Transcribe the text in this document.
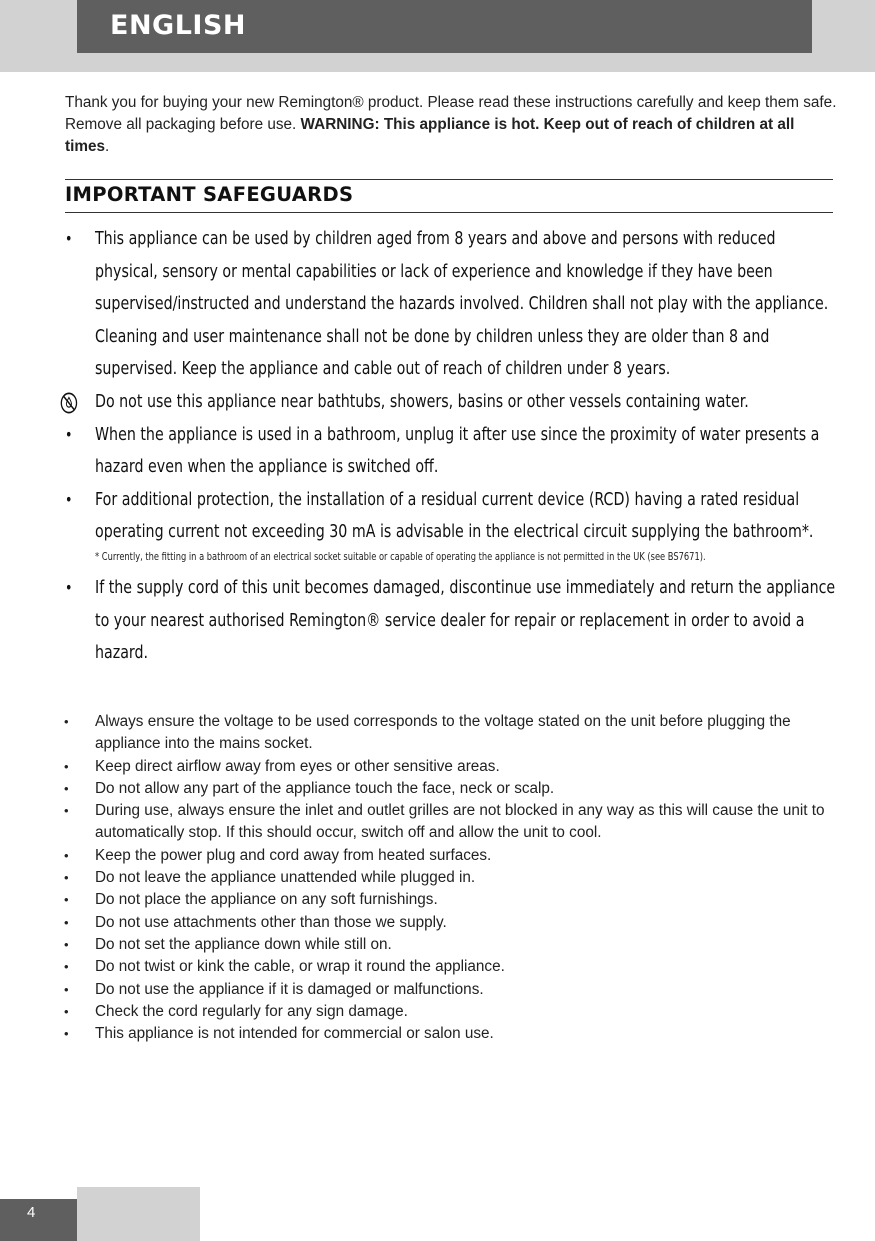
ENGLISH

Thank you for buying your new Remington® product. Please read these instructions carefully and keep them safe. Remove all packaging before use. WARNING: This appliance is hot. Keep out of reach of children at all times.

IMPORTANT SAFEGUARDS
• This appliance can be used by children aged from 8 years and above and persons with reduced physical, sensory or mental capabilities or lack of experience and knowledge if they have been supervised/instructed and understand the hazards involved. Children shall not play with the appliance. Cleaning and user maintenance shall not be done by children unless they are older than 8 and supervised. Keep the appliance and cable out of reach of children under 8 years.
Do not use this appliance near bathtubs, showers, basins or other vessels containing water.
• When the appliance is used in a bathroom, unplug it after use since the proximity of water presents a hazard even when the appliance is switched off.
• For additional protection, the installation of a residual current device (RCD) having a rated residual operating current not exceeding 30 mA is advisable in the electrical circuit supplying the bathroom*.
* Currently, the fitting in a bathroom of an electrical socket suitable or capable of operating the appliance is not permitted in the UK (see BS7671).
• If the supply cord of this unit becomes damaged, discontinue use immediately and return the appliance to your nearest authorised Remington® service dealer for repair or replacement in order to avoid a hazard.
• Always ensure the voltage to be used corresponds to the voltage stated on the unit before plugging the appliance into the mains socket.
• Keep direct airflow away from eyes or other sensitive areas.
• Do not allow any part of the appliance touch the face, neck or scalp.
• During use, always ensure the inlet and outlet grilles are not blocked in any way as this will cause the unit to automatically stop. If this should occur, switch off and allow the unit to cool.
• Keep the power plug and cord away from heated surfaces.
• Do not leave the appliance unattended while plugged in.
• Do not place the appliance on any soft furnishings.
• Do not use attachments other than those we supply.
• Do not set the appliance down while still on.
• Do not twist or kink the cable, or wrap it round the appliance.
• Do not use the appliance if it is damaged or malfunctions.
• Check the cord regularly for any sign damage.
• This appliance is not intended for commercial or salon use.
4
